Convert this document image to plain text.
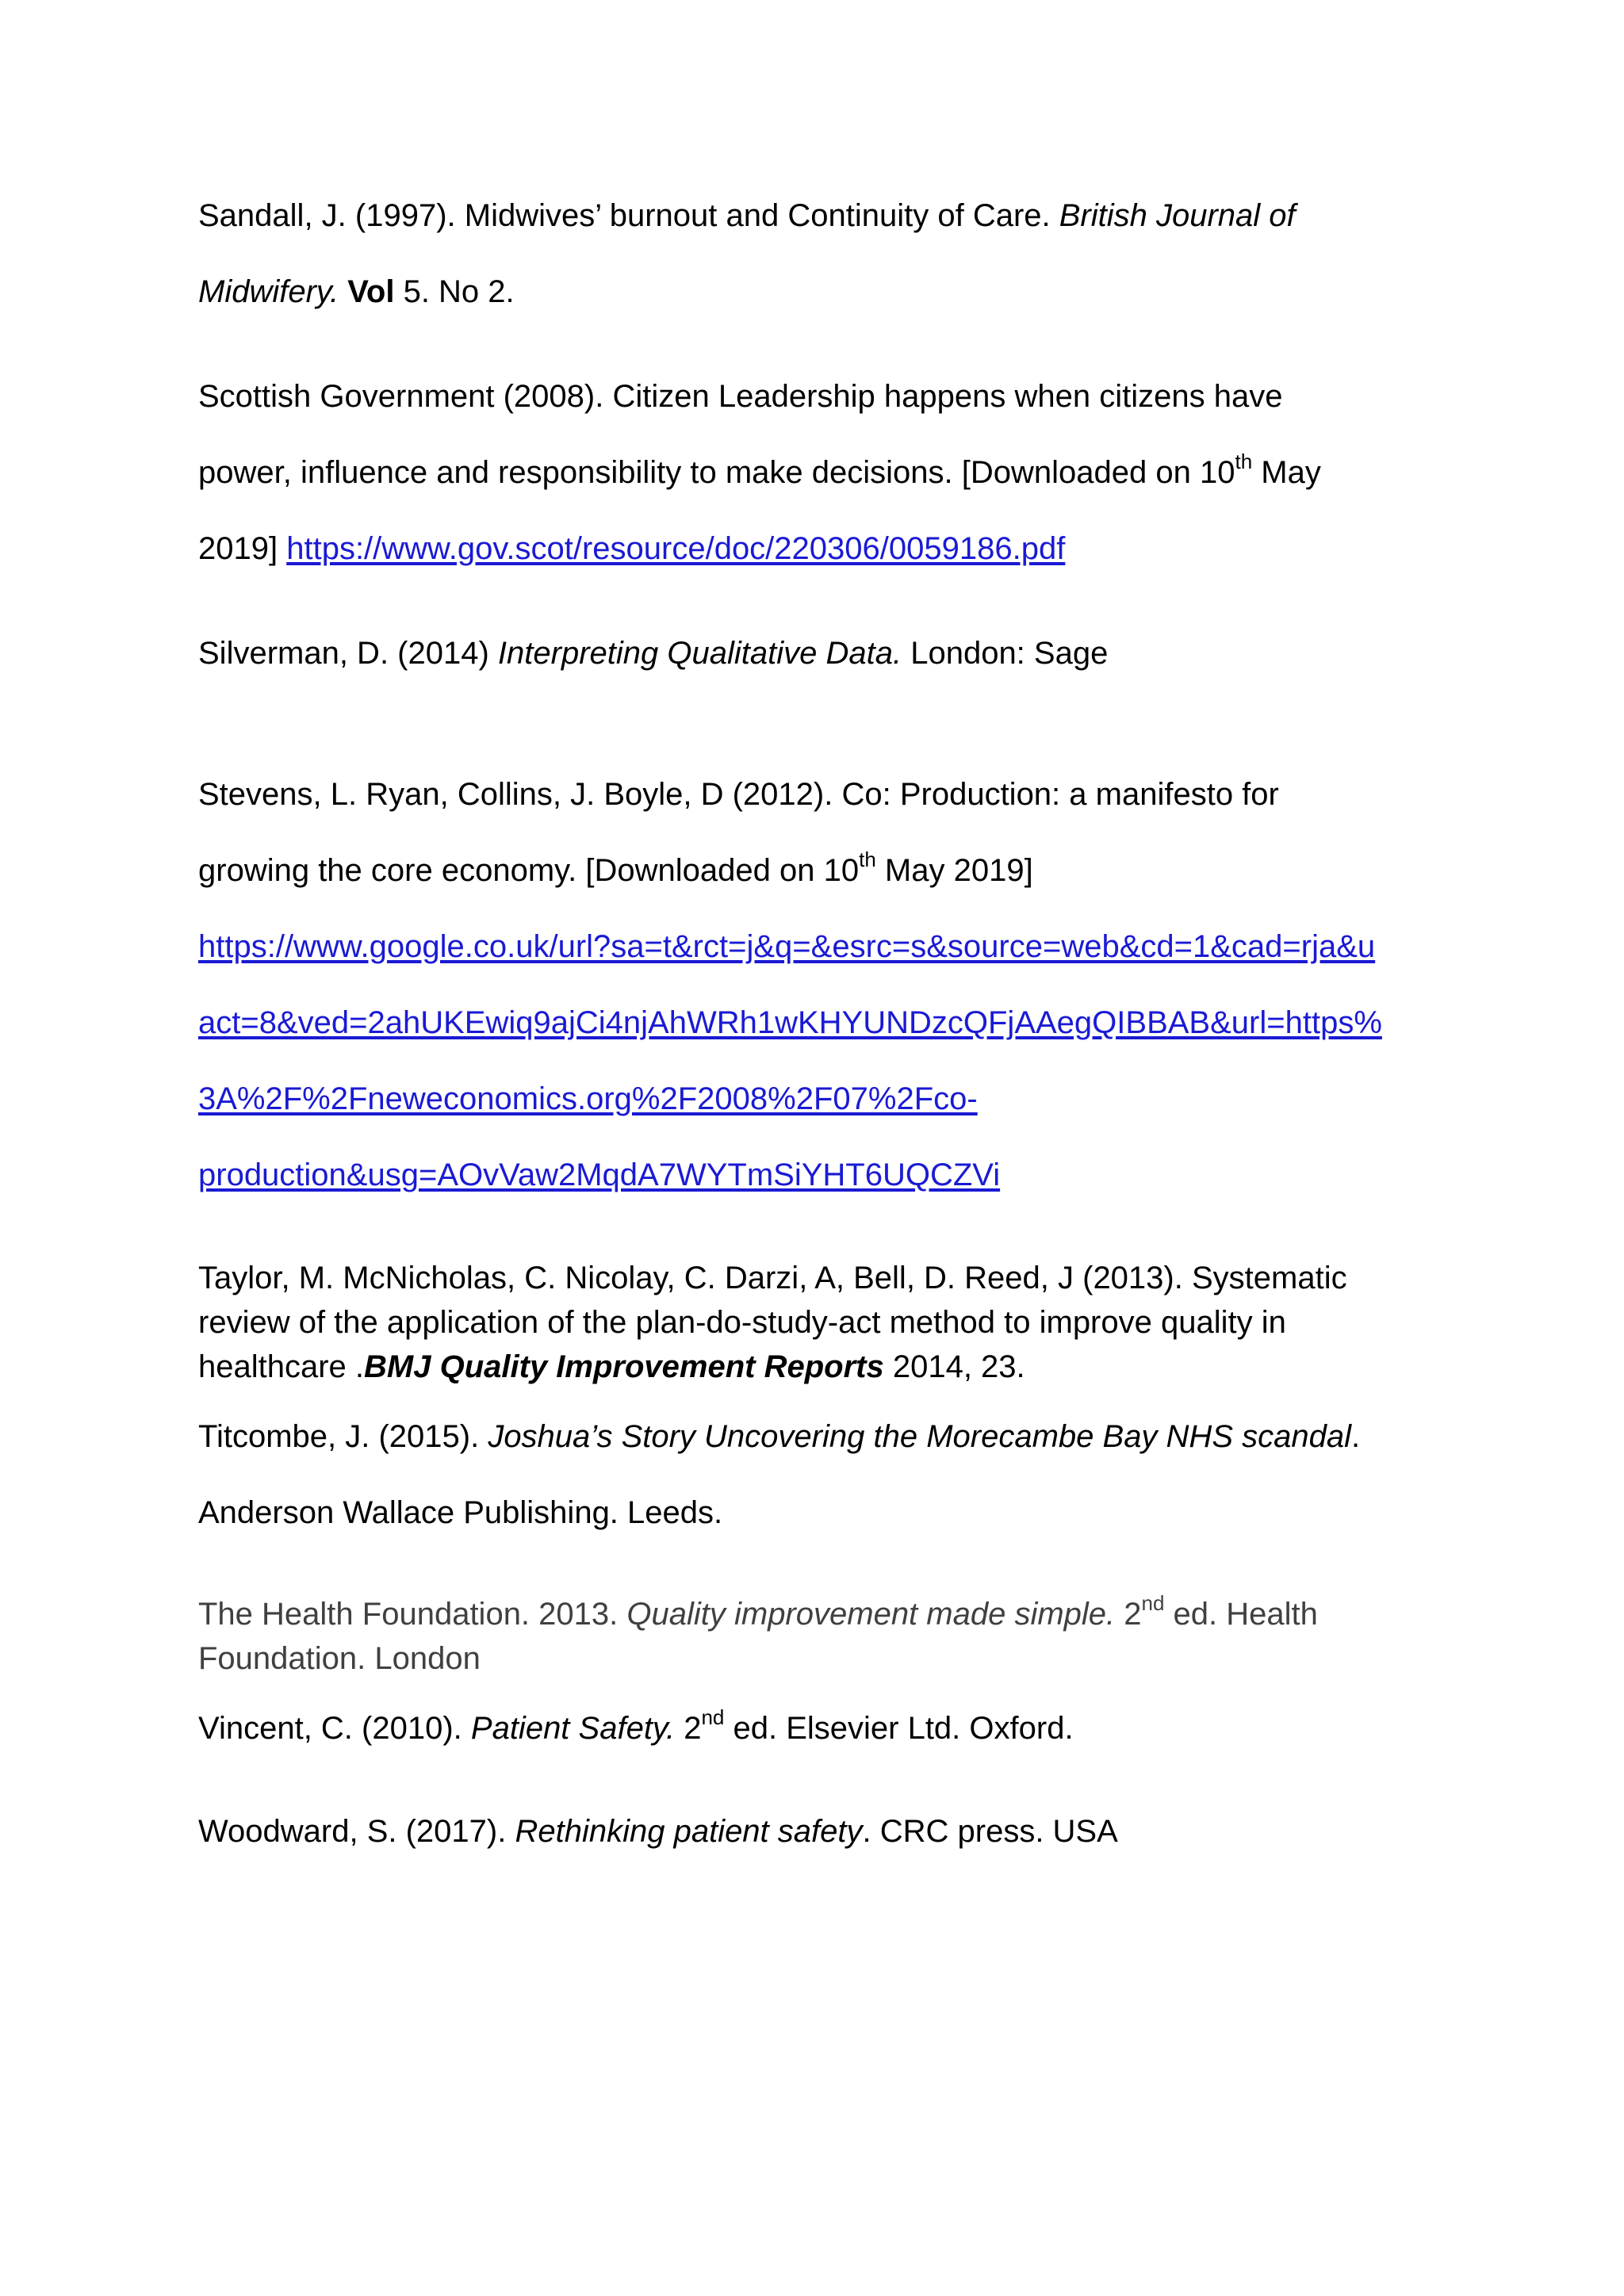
Sandall, J. (1997). Midwives’ burnout and Continuity of Care. British Journal of
Midwifery. Vol 5. No 2.
Scottish Government (2008). Citizen Leadership happens when citizens have
power, influence and responsibility to make decisions. [Downloaded on 10th May
2019] https://www.gov.scot/resource/doc/220306/0059186.pdf
Silverman, D. (2014) Interpreting Qualitative Data. London: Sage
Stevens, L. Ryan, Collins, J. Boyle, D (2012). Co: Production: a manifesto for
growing the core economy. [Downloaded on 10th May 2019]
https://www.google.co.uk/url?sa=t&rct=j&q=&esrc=s&source=web&cd=1&cad=rja&u
act=8&ved=2ahUKEwiq9ajCi4njAhWRh1wKHYUNDzcQFjAAegQIBBAB&url=https%
3A%2F%2Fneweconomics.org%2F2008%2F07%2Fco-
production&usg=AOvVaw2MqdA7WYTmSiYHT6UQCZVi
Taylor, M. McNicholas, C. Nicolay, C. Darzi, A, Bell, D. Reed, J (2013). Systematic
review of the application of the plan-do-study-act method to improve quality in
healthcare .BMJ Quality Improvement Reports 2014, 23.
Titcombe, J. (2015). Joshua’s Story Uncovering the Morecambe Bay NHS scandal.
Anderson Wallace Publishing. Leeds.
The Health Foundation. 2013. Quality improvement made simple. 2nd ed. Health
Foundation. London
Vincent, C. (2010). Patient Safety. 2nd ed. Elsevier Ltd. Oxford.
Woodward, S. (2017). Rethinking patient safety. CRC press. USA
